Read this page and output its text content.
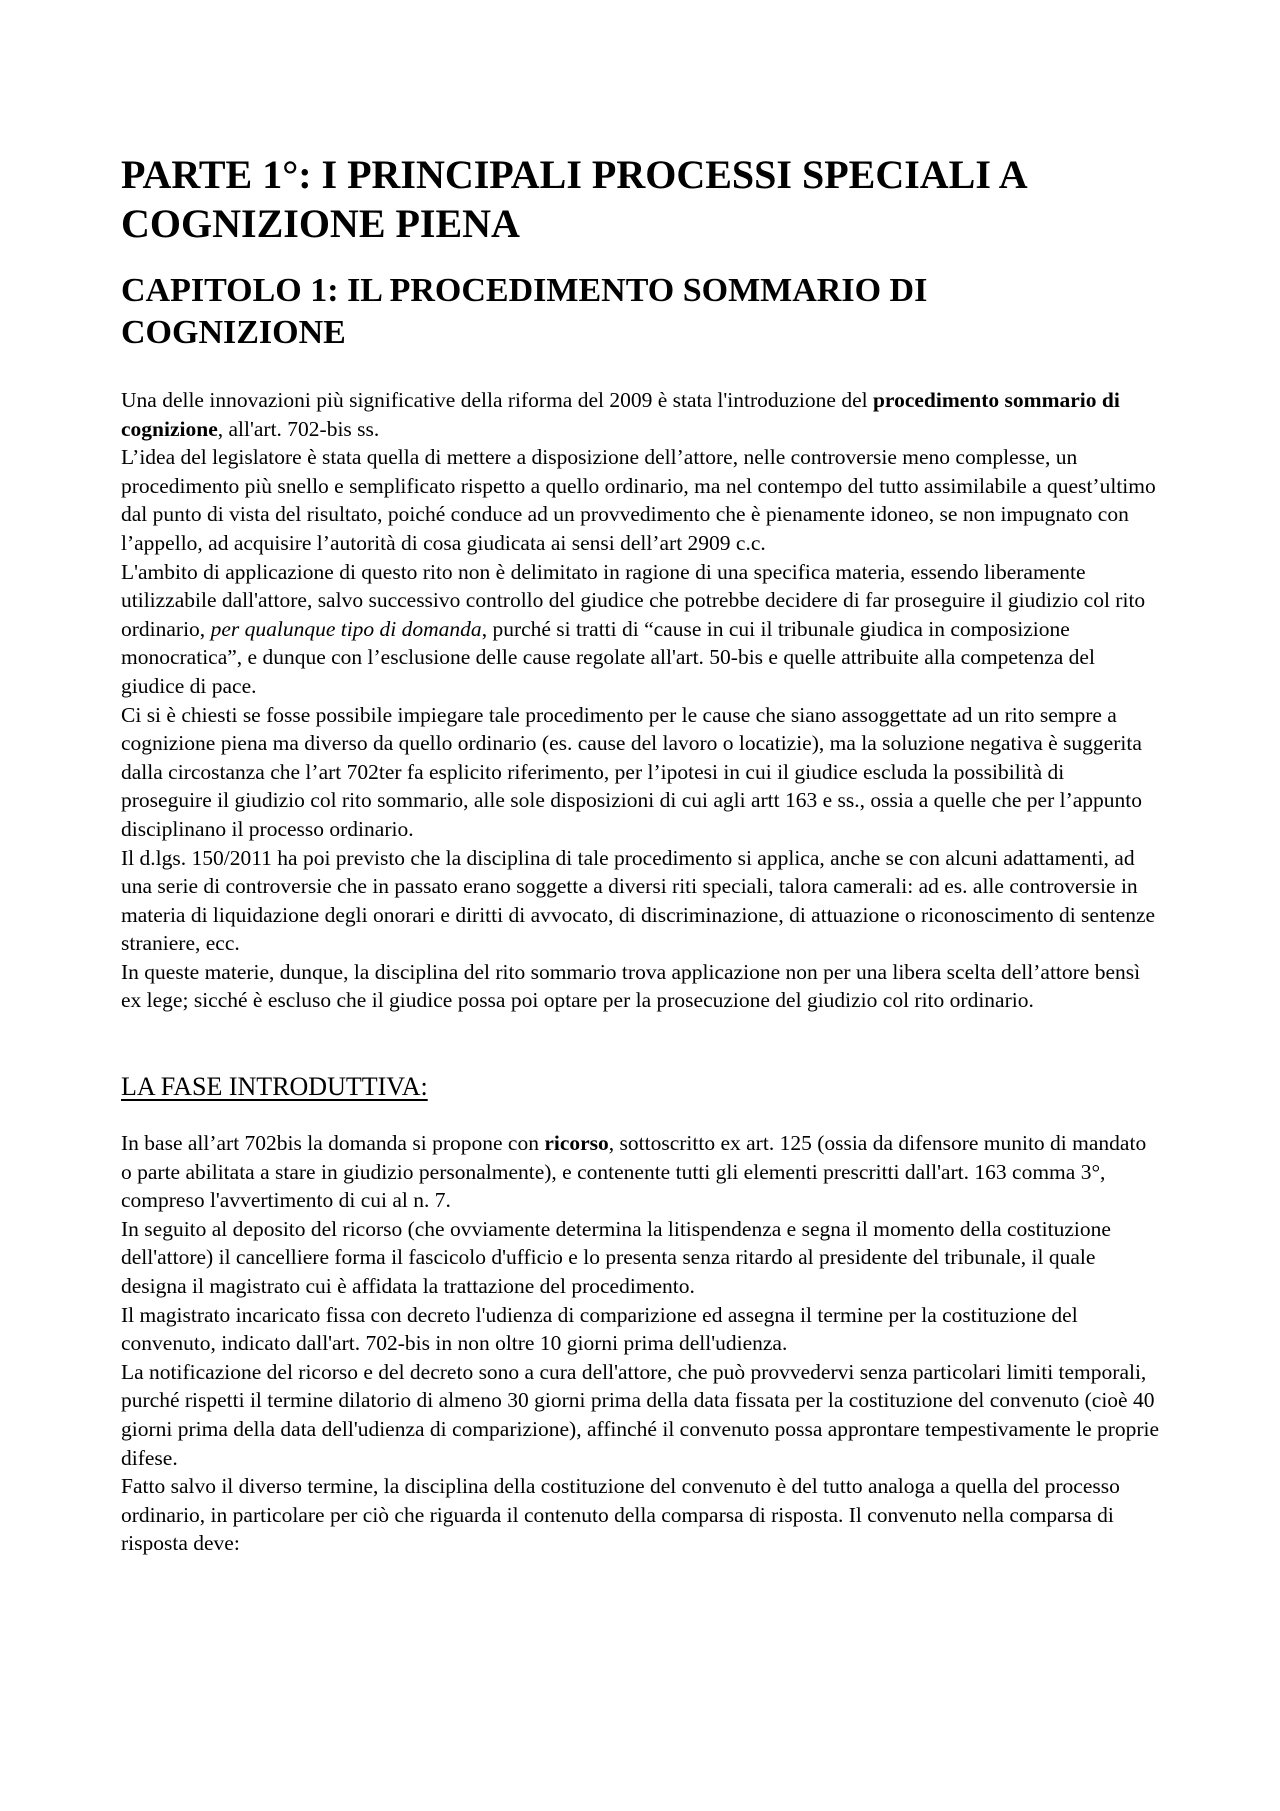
PARTE 1°: I PRINCIPALI PROCESSI SPECIALI A COGNIZIONE PIENA
CAPITOLO 1: IL PROCEDIMENTO SOMMARIO DI COGNIZIONE

Una delle innovazioni più significative della riforma del 2009 è stata l'introduzione del procedimento sommario di cognizione, all'art. 702-bis ss.

L’idea del legislatore è stata quella di mettere a disposizione dell’attore, nelle controversie meno complesse, un procedimento più snello e semplificato rispetto a quello ordinario, ma nel contempo del tutto assimilabile a quest’ultimo dal punto di vista del risultato, poiché conduce ad un provvedimento che è pienamente idoneo, se non impugnato con l’appello, ad acquisire l’autorità di cosa giudicata ai sensi dell’art 2909 c.c.

L'ambito di applicazione di questo rito non è delimitato in ragione di una specifica materia, essendo liberamente utilizzabile dall'attore, salvo successivo controllo del giudice che potrebbe decidere di far proseguire il giudizio col rito ordinario, per qualunque tipo di domanda, purché si tratti di “cause in cui il tribunale giudica in composizione monocratica”, e dunque con l’esclusione delle cause regolate all'art. 50-bis e quelle attribuite alla competenza del giudice di pace.

Ci si è chiesti se fosse possibile impiegare tale procedimento per le cause che siano assoggettate ad un rito sempre a cognizione piena ma diverso da quello ordinario (es. cause del lavoro o locatizie), ma la soluzione negativa è suggerita dalla circostanza che l’art 702ter fa esplicito riferimento, per l’ipotesi in cui il giudice escluda la possibilità di proseguire il giudizio col rito sommario, alle sole disposizioni di cui agli artt 163 e ss., ossia a quelle che per l’appunto disciplinano il processo ordinario.

Il d.lgs. 150/2011 ha poi previsto che la disciplina di tale procedimento si applica, anche se con alcuni adattamenti, ad una serie di controversie che in passato erano soggette a diversi riti speciali, talora camerali: ad es. alle controversie in materia di liquidazione degli onorari e diritti di avvocato, di discriminazione, di attuazione o riconoscimento di sentenze straniere, ecc.

In queste materie, dunque, la disciplina del rito sommario trova applicazione non per una libera scelta dell’attore bensì ex lege; sicché è escluso che il giudice possa poi optare per la prosecuzione del giudizio col rito ordinario.

LA FASE INTRODUTTIVA:

In base all’art 702bis la domanda si propone con ricorso, sottoscritto ex art. 125 (ossia da difensore munito di mandato o parte abilitata a stare in giudizio personalmente), e contenente tutti gli elementi prescritti dall'art. 163 comma 3°, compreso l'avvertimento di cui al n. 7.

In seguito al deposito del ricorso (che ovviamente determina la litispendenza e segna il momento della costituzione dell'attore) il cancelliere forma il fascicolo d'ufficio e lo presenta senza ritardo al presidente del tribunale, il quale designa il magistrato cui è affidata la trattazione del procedimento.

Il magistrato incaricato fissa con decreto l'udienza di comparizione ed assegna il termine per la costituzione del convenuto, indicato dall'art. 702-bis in non oltre 10 giorni prima dell'udienza.

La notificazione del ricorso e del decreto sono a cura dell'attore, che può provvedervi senza particolari limiti temporali, purché rispetti il termine dilatorio di almeno 30 giorni prima della data fissata per la costituzione del convenuto (cioè 40 giorni prima della data dell'udienza di comparizione), affinché il convenuto possa approntare tempestivamente le proprie difese.

Fatto salvo il diverso termine, la disciplina della costituzione del convenuto è del tutto analoga a quella del processo ordinario, in particolare per ciò che riguarda il contenuto della comparsa di risposta. Il convenuto nella comparsa di risposta deve:
